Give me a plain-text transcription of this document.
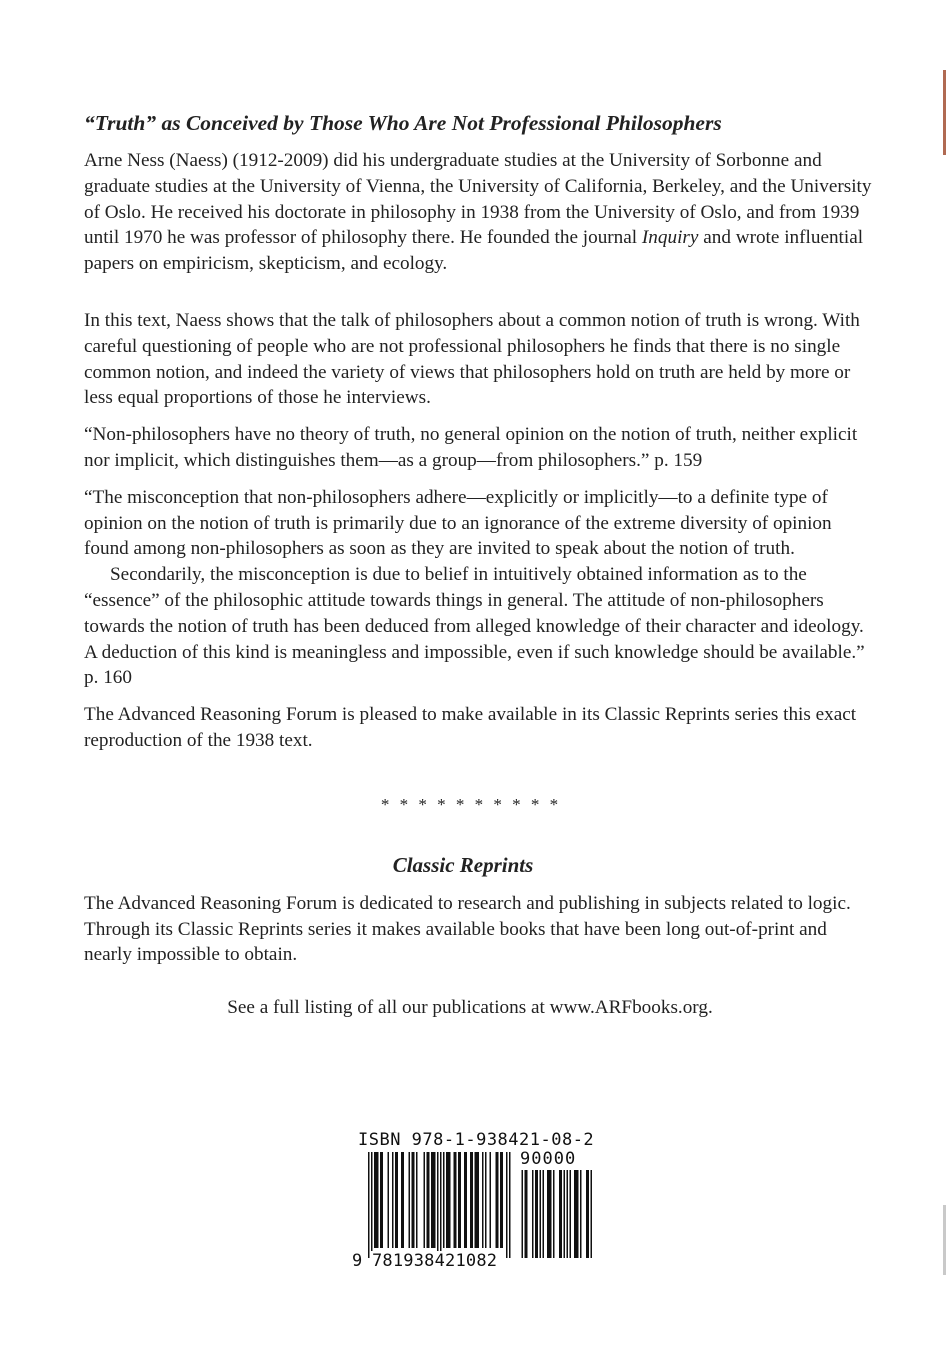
“Truth” as Conceived by Those Who Are Not Professional Philosophers

Arne Ness (Naess) (1912-2009) did his undergraduate studies at the University of Sorbonne and graduate studies at the University of Vienna, the University of California, Berkeley, and the University of Oslo. He received his doctorate in philosophy in 1938 from the University of Oslo, and from 1939 until 1970 he was professor of philosophy there. He founded the journal Inquiry and wrote influential papers on empiricism, skepticism, and ecology.

In this text, Naess shows that the talk of philosophers about a common notion of truth is wrong. With careful questioning of people who are not professional philosophers he finds that there is no single common notion, and indeed the variety of views that philosophers hold on truth are held by more or less equal proportions of those he interviews.

“Non-philosophers have no theory of truth, no general opinion on the notion of truth, neither explicit nor implicit, which distinguishes them—as a group—from philosophers.” p. 159

“The misconception that non-philosophers adhere—explicitly or implicitly—to a definite type of opinion on the notion of truth is primarily due to an ignorance of the extreme diversity of opinion found among non-philosophers as soon as they are invited to speak about the notion of truth.

Secondarily, the misconception is due to belief in intuitively obtained information as to the “essence” of the philosophic attitude towards things in general. The attitude of non-philosophers towards the notion of truth has been deduced from alleged knowledge of their character and ideology. A deduction of this kind is meaningless and impossible, even if such knowledge should be available.” p. 160

The Advanced Reasoning Forum is pleased to make available in its Classic Reprints series this exact reproduction of the 1938 text.

* * * * * * * * * *
Classic Reprints

The Advanced Reasoning Forum is dedicated to research and publishing in subjects related to logic. Through its Classic Reprints series it makes available books that have been long out-of-print and nearly impossible to obtain.

See a full listing of all our publications at www.ARFbooks.org.

ISBN 978-1-938421-08-2
90000
9 781938421082
